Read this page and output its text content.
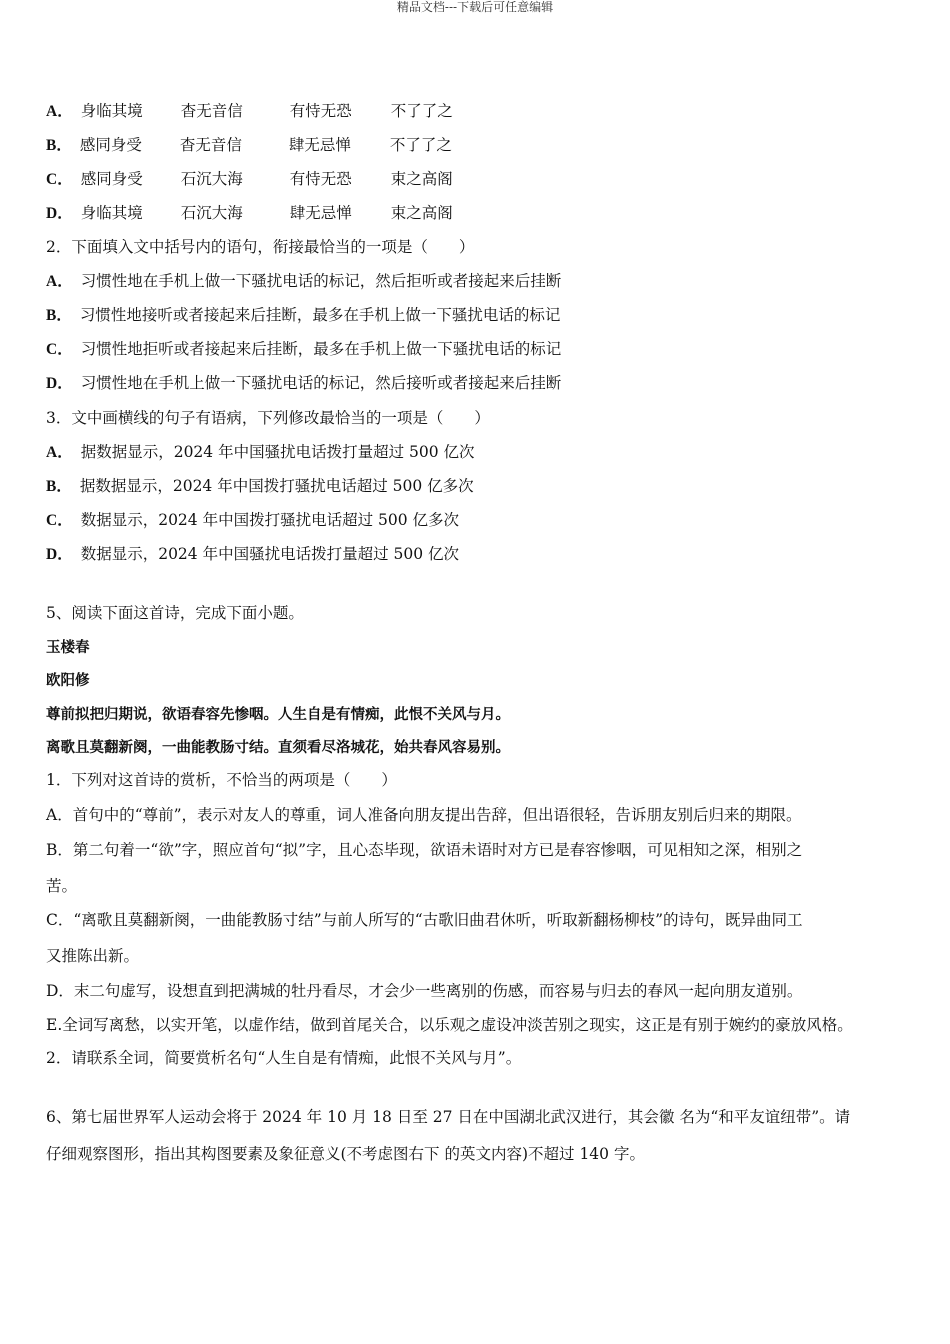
精品文档---下载后可任意编辑
A． 身临其境 杳无音信	有恃无恐	不了了之
B． 感同身受 杳无音信	肆无忌惮	不了了之
C． 感同身受 石沉大海	有恃无恐	束之高阁
D． 身临其境 石沉大海	肆无忌惮	束之高阁
2．下面填入文中括号内的语句，衔接最恰当的一项是（　　）
A． 习惯性地在手机上做一下骚扰电话的标记，然后拒听或者接起来后挂断
B． 习惯性地接听或者接起来后挂断，最多在手机上做一下骚扰电话的标记
C． 习惯性地拒听或者接起来后挂断，最多在手机上做一下骚扰电话的标记
D． 习惯性地在手机上做一下骚扰电话的标记，然后接听或者接起来后挂断
3．文中画横线的句子有语病，下列修改最恰当的一项是（　　）
A． 据数据显示，2024 年中国骚扰电话拨打量超过 500 亿次
B． 据数据显示，2024 年中国拨打骚扰电话超过 500 亿多次
C． 数据显示，2024 年中国拨打骚扰电话超过 500 亿多次
D． 数据显示，2024 年中国骚扰电话拨打量超过 500 亿次
5、阅读下面这首诗，完成下面小题。
玉楼春
欧阳修
尊前拟把归期说，欲语春容先惨咽。人生自是有情痴，此恨不关风与月。
离歌且莫翻新阕，一曲能教肠寸结。直须看尽洛城花，始共春风容易别。
1．下列对这首诗的赏析，不恰当的两项是（　　）
A．首句中的“尊前”，表示对友人的尊重，词人准备向朋友提出告辞，但出语很轻，告诉朋友别后归来的期限。
B．第二句着一“欲”字，照应首句“拟”字，且心态毕现，欲语未语时对方已是春容惨咽，可见相知之深，相别之
苦。
C．“离歌且莫翻新阕，一曲能教肠寸结”与前人所写的“古歌旧曲君休听，听取新翻杨柳枝”的诗句，既异曲同工
又推陈出新。
D．末二句虚写，设想直到把满城的牡丹看尽，才会少一些离别的伤感，而容易与归去的春风一起向朋友道别。
E.全词写离愁，以实开笔，以虚作结，做到首尾关合，以乐观之虚设冲淡苦别之现实，这正是有别于婉约的豪放风格。
2．请联系全词，简要赏析名句“人生自是有情痴，此恨不关风与月”。
6、第七届世界军人运动会将于 2024 年 10 月 18 日至 27 日在中国湖北武汉进行，其会徽 名为“和平友谊纽带”。请
仔细观察图形，指出其构图要素及象征意义(不考虑图右下 的英文内容)不超过 140 字。
